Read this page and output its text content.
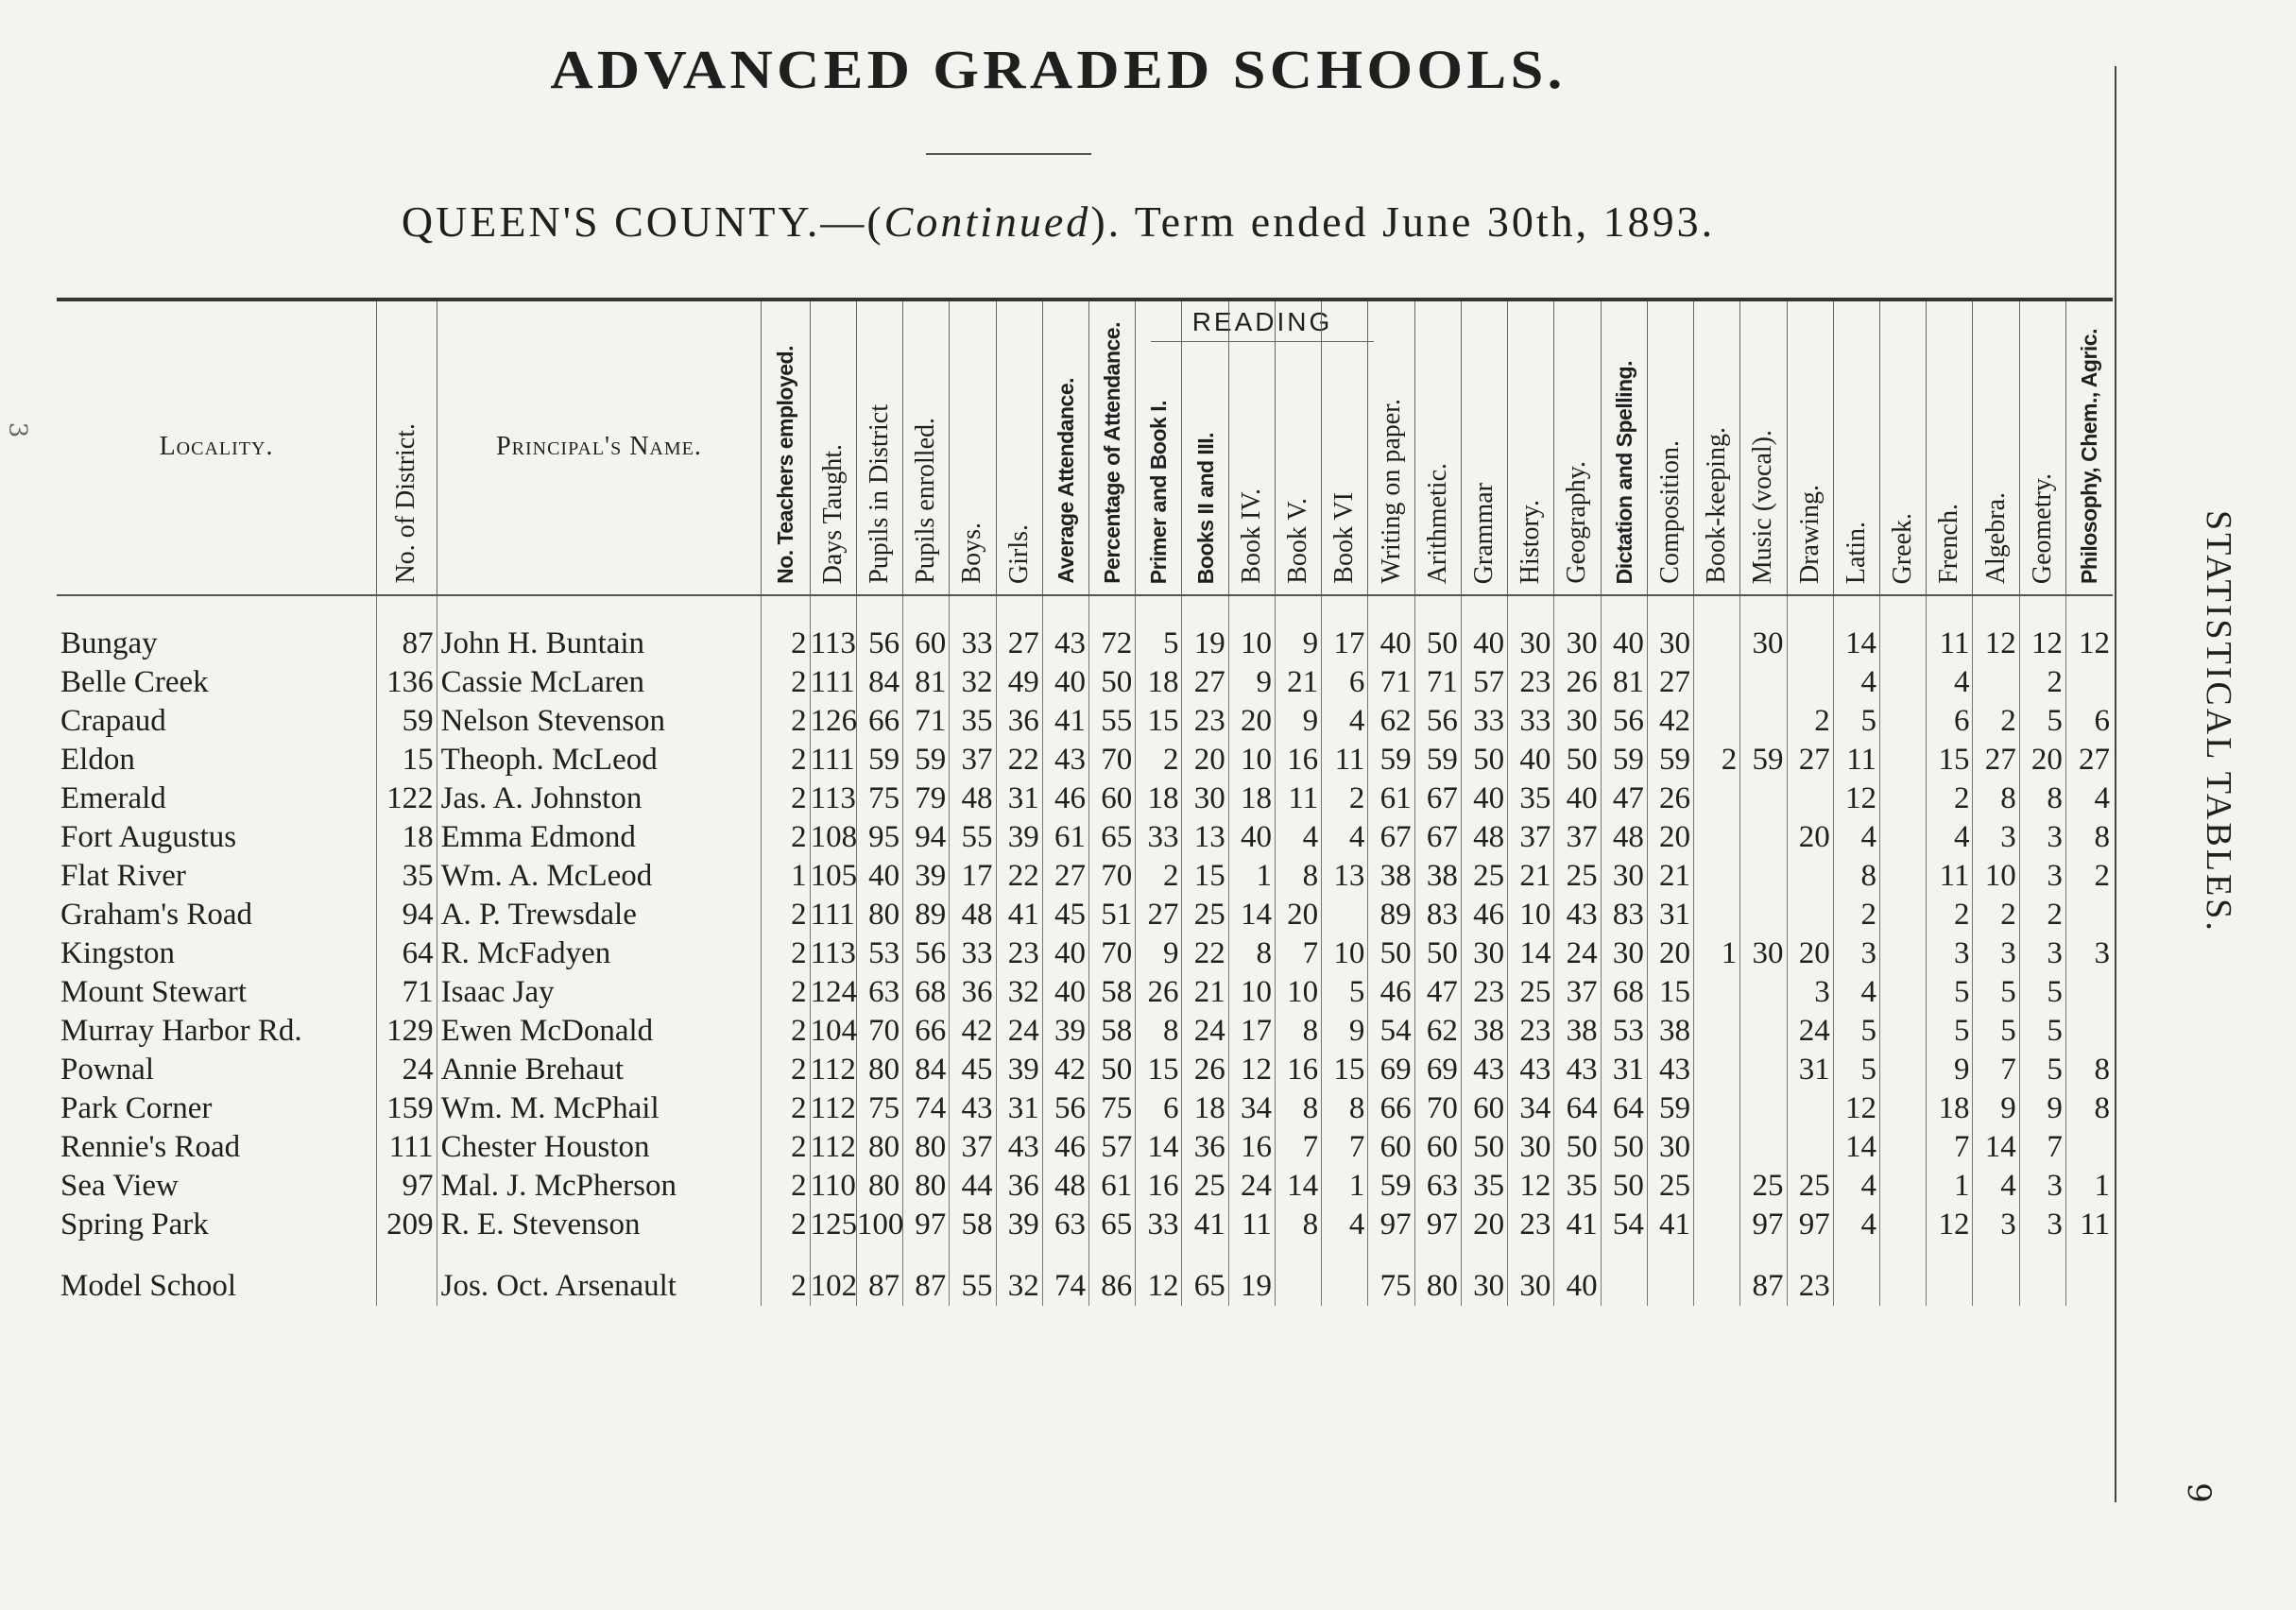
ADVANCED GRADED SCHOOLS.
QUEEN'S COUNTY.—(Continued). Term ended June 30th, 1893.
STATISTICAL TABLES.
9
3
READING
Locality.	No. of District.	Principal's Name.	No. Teachers employed.	Days Taught.	Pupils in District	Pupils enrolled.	Boys.	Girls.	Average Attendance.	Percentage of Attendance.	Primer and Book I.	Books II and III.	Book IV.	Book V.	Book VI	Writing on paper.	Arithmetic.	Grammar	History.	Geography.	Dictation and Spelling.	Composition.	Book-keeping.	Music (vocal).	Drawing.	Latin.	Greek.	French.	Algebra.	Geometry.	Philosophy, Chem., Agric.
Bungay	87	John H. Buntain	2	113	56	60	33	27	43	72	5	19	10	9	17	40	50	40	30	30	40	30		30		14		11	12	12	12
Belle Creek	136	Cassie McLaren	2	111	84	81	32	49	40	50	18	27	9	21	6	71	71	57	23	26	81	27				4		4		2	
Crapaud	59	Nelson Stevenson	2	126	66	71	35	36	41	55	15	23	20	9	4	62	56	33	33	30	56	42			2	5		6	2	5	6
Eldon	15	Theoph. McLeod	2	111	59	59	37	22	43	70	2	20	10	16	11	59	59	50	40	50	59	59	2	59	27	11		15	27	20	27
Emerald	122	Jas. A. Johnston	2	113	75	79	48	31	46	60	18	30	18	11	2	61	67	40	35	40	47	26				12		2	8	8	4
Fort Augustus	18	Emma Edmond	2	108	95	94	55	39	61	65	33	13	40	4	4	67	67	48	37	37	48	20			20	4		4	3	3	8
Flat River	35	Wm. A. McLeod	1	105	40	39	17	22	27	70	2	15	1	8	13	38	38	25	21	25	30	21				8		11	10	3	2
Graham's Road	94	A. P. Trewsdale	2	111	80	89	48	41	45	51	27	25	14	20		89	83	46	10	43	83	31				2		2	2	2	
Kingston	64	R. McFadyen	2	113	53	56	33	23	40	70	9	22	8	7	10	50	50	30	14	24	30	20	1	30	20	3		3	3	3	3
Mount Stewart	71	Isaac Jay	2	124	63	68	36	32	40	58	26	21	10	10	5	46	47	23	25	37	68	15			3	4		5	5	5	
Murray Harbor Rd.	129	Ewen McDonald	2	104	70	66	42	24	39	58	8	24	17	8	9	54	62	38	23	38	53	38			24	5		5	5	5	
Pownal	24	Annie Brehaut	2	112	80	84	45	39	42	50	15	26	12	16	15	69	69	43	43	43	31	43			31	5		9	7	5	8
Park Corner	159	Wm. M. McPhail	2	112	75	74	43	31	56	75	6	18	34	8	8	66	70	60	34	64	64	59				12		18	9	9	8
Rennie's Road	111	Chester Houston	2	112	80	80	37	43	46	57	14	36	16	7	7	60	60	50	30	50	50	30				14		7	14	7	
Sea View	97	Mal. J. McPherson	2	110	80	80	44	36	48	61	16	25	24	14	1	59	63	35	12	35	50	25		25	25	4		1	4	3	1
Spring Park	209	R. E. Stevenson	2	125	100	97	58	39	63	65	33	41	11	8	4	97	97	20	23	41	54	41		97	97	4		12	3	3	11

Model School		Jos. Oct. Arsenault	2	102	87	87	55	32	74	86	12	65	19			75	80	30	30	40				87	23						
